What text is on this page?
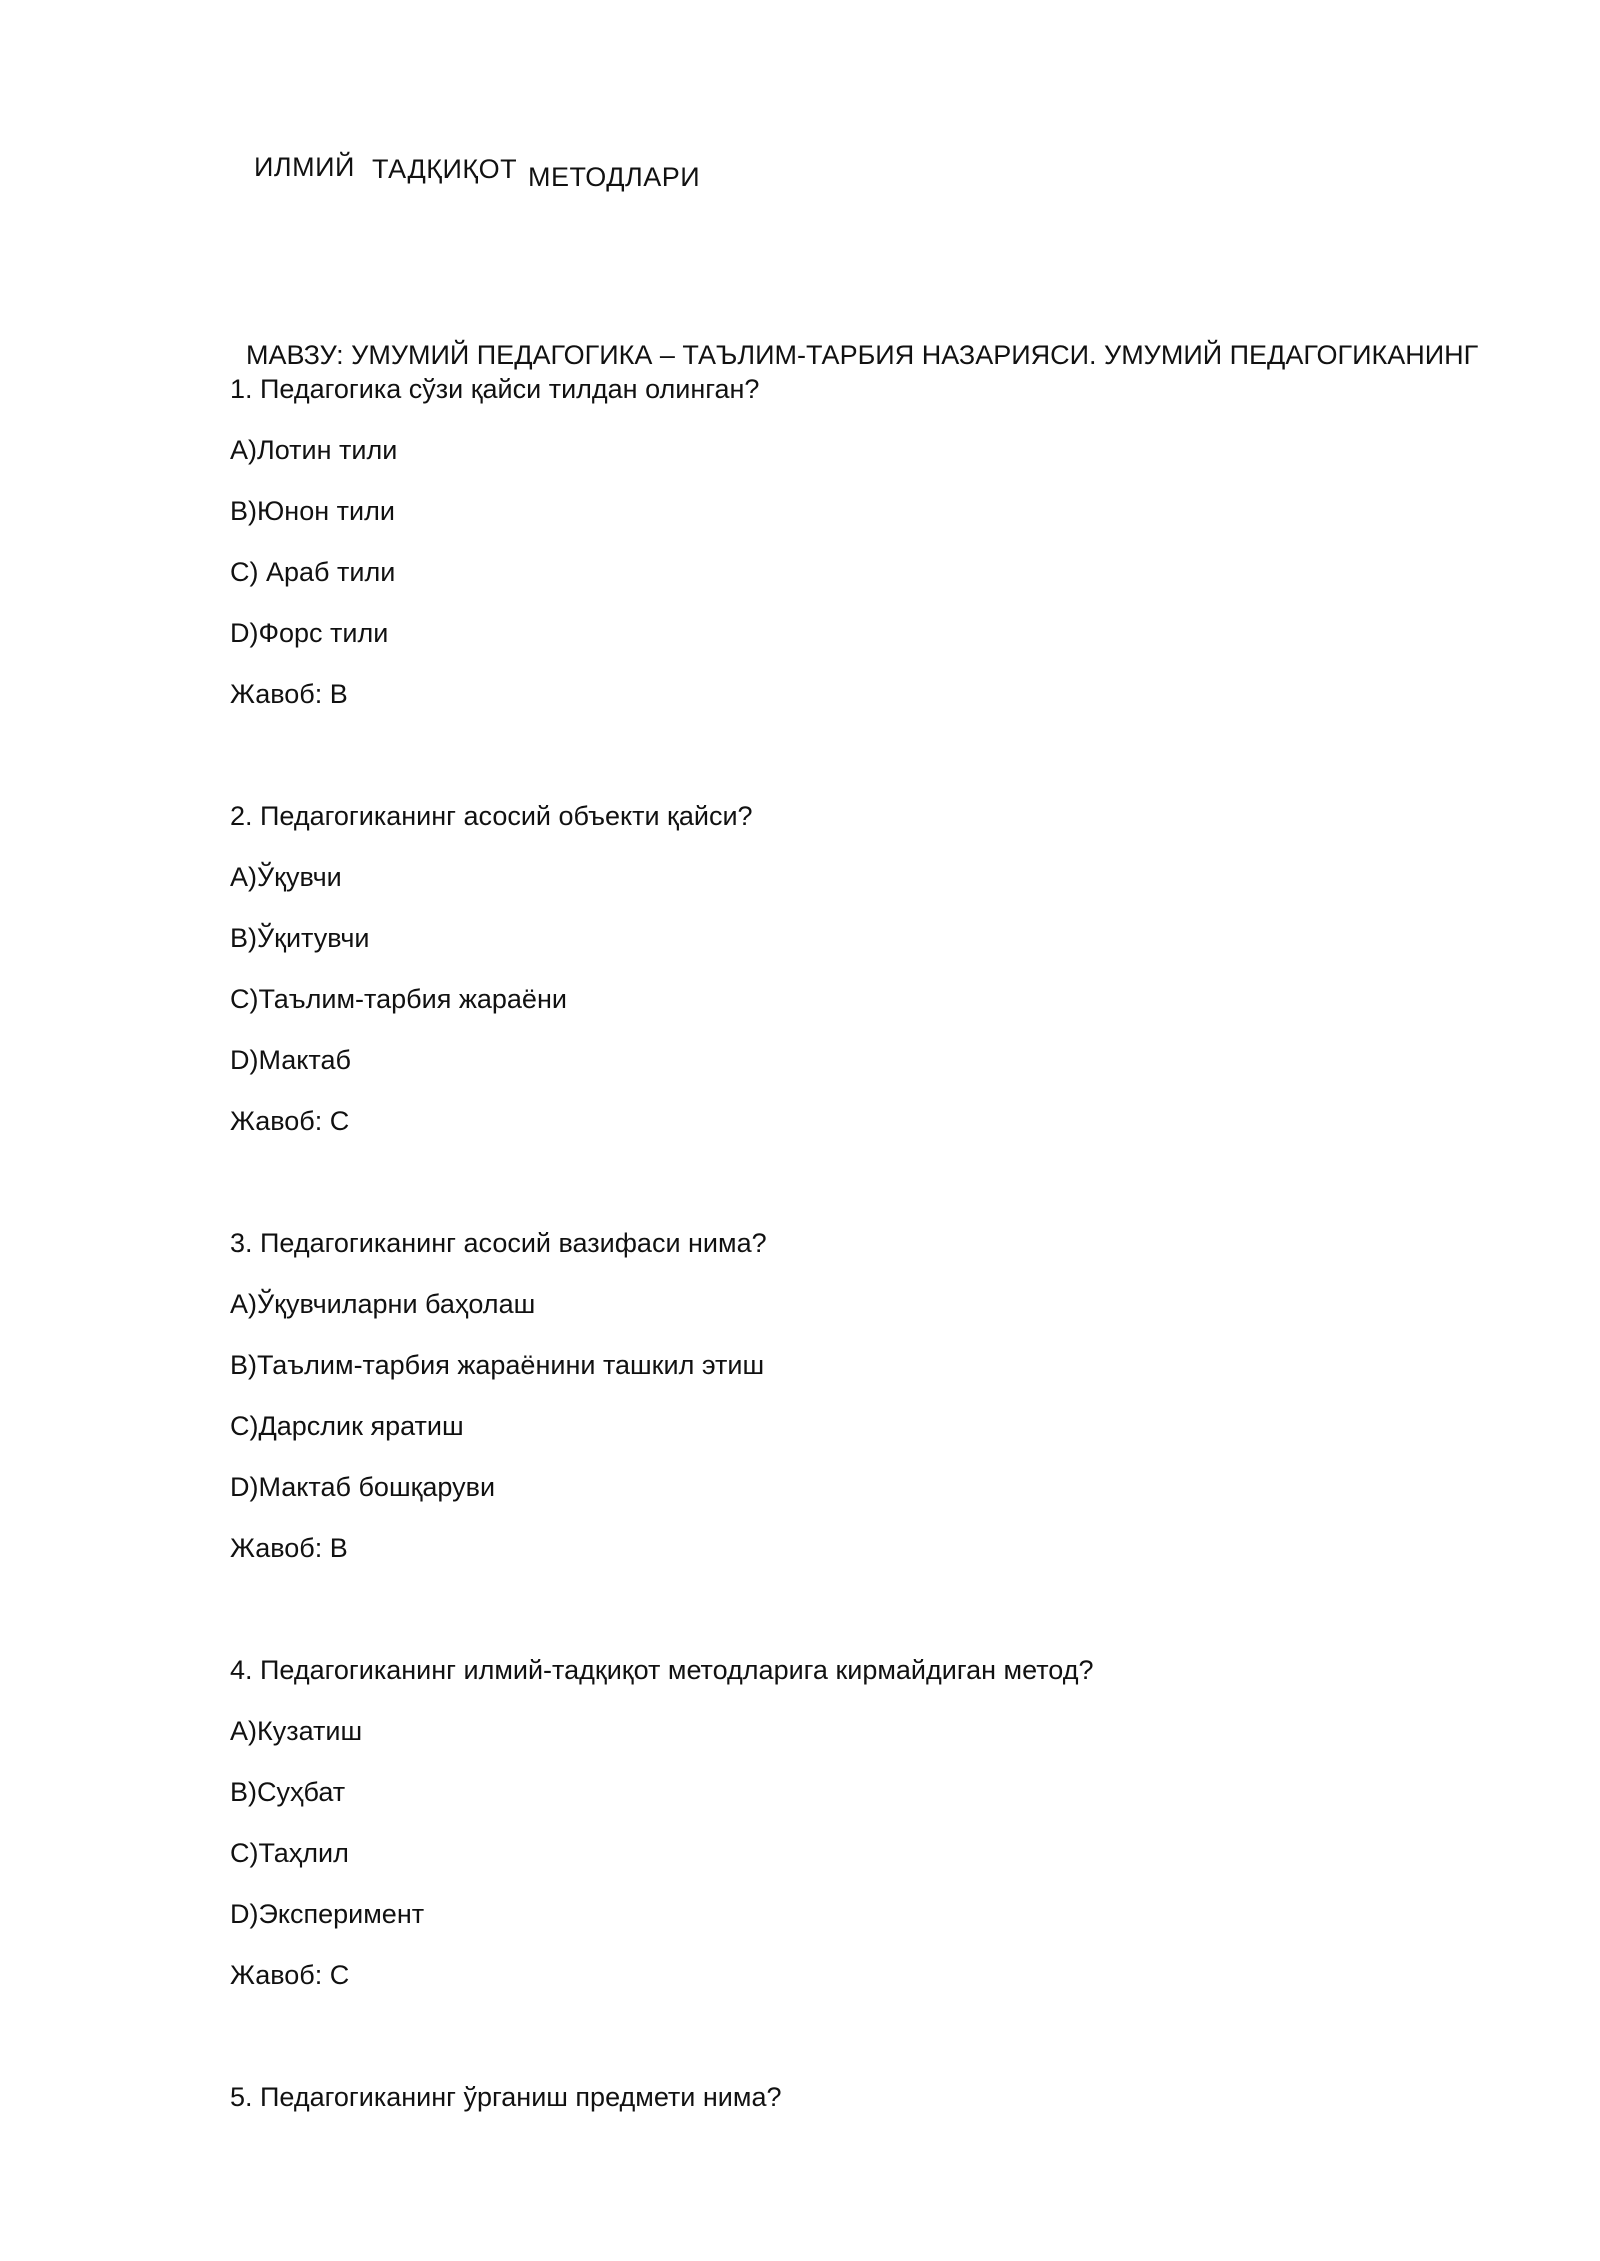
ИЛМИЙ ТАДҚИҚОТ МЕТОДЛАРИ
МАВЗУ: УМУМИЙ ПЕДАГОГИКА – ТАЪЛИМ-ТАРБИЯ НАЗАРИЯСИ. УМУМИЙ ПЕДАГОГИКАНИНГ
1. Педагогика сўзи қайси тилдан олинган?
A)Лотин тили
B)Юнон тили
C) Араб тили
D)Форс тили
Жавоб: B
2. Педагогиканинг асосий объекти қайси?
A)Ўқувчи
B)Ўқитувчи
C)Таълим-тарбия жараёни
D)Мактаб
Жавоб: C
3. Педагогиканинг асосий вазифаси нима?
A)Ўқувчиларни баҳолаш
B)Таълим-тарбия жараёнини ташкил этиш
C)Дарслик яратиш
D)Мактаб бошқаруви
Жавоб: B
4. Педагогиканинг илмий-тадқиқот методларига кирмайдиган метод?
A)Кузатиш
B)Суҳбат
C)Таҳлил
D)Эксперимент
Жавоб: C
5. Педагогиканинг ўрганиш предмети нима?
